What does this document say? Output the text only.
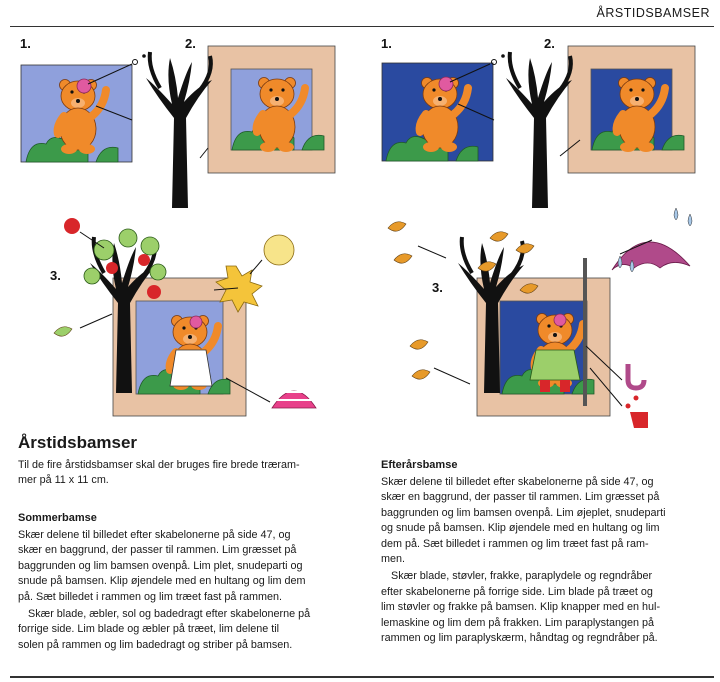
ÅRSTIDSBAMSER
1.	2.
3.
1.	2.
3.
Årstidsbamser

Til de fire årstidsbamser skal der bruges fire brede træram-

mer på 11 x 11 cm.

Sommerbamse

Skær delene til billedet efter skabelonerne på side 47, og

skær en baggrund, der passer til rammen. Lim græsset på

baggrunden og lim bamsen ovenpå. Lim plet, snudeparti og

snude på bamsen. Klip øjendele med en hultang og lim dem

på. Sæt billedet i rammen og lim træet fast på rammen.

Skær blade, æbler, sol og badedragt efter skabelonerne på

forrige side. Lim blade og æbler på træet, lim delene til

solen på rammen og lim badedragt og striber på bamsen.

Efterårsbamse

Skær delene til billedet efter skabelonerne på side 47, og

skær en baggrund, der passer til rammen. Lim græsset på

baggrunden og lim bamsen ovenpå. Lim øjeplet, snudeparti

og snude på bamsen. Klip øjendele med en hultang og lim

dem på. Sæt billedet i rammen og lim træet fast på ram-

men.

Skær blade, støvler, frakke, paraplydele og regndråber

efter skabelonerne på forrige side. Lim blade på træet og

lim støvler og frakke på bamsen. Klip knapper med en hul-

lemaskine og lim dem på frakken. Lim paraplystangen på

rammen og lim paraplyskærm, håndtag og regndråber på.
